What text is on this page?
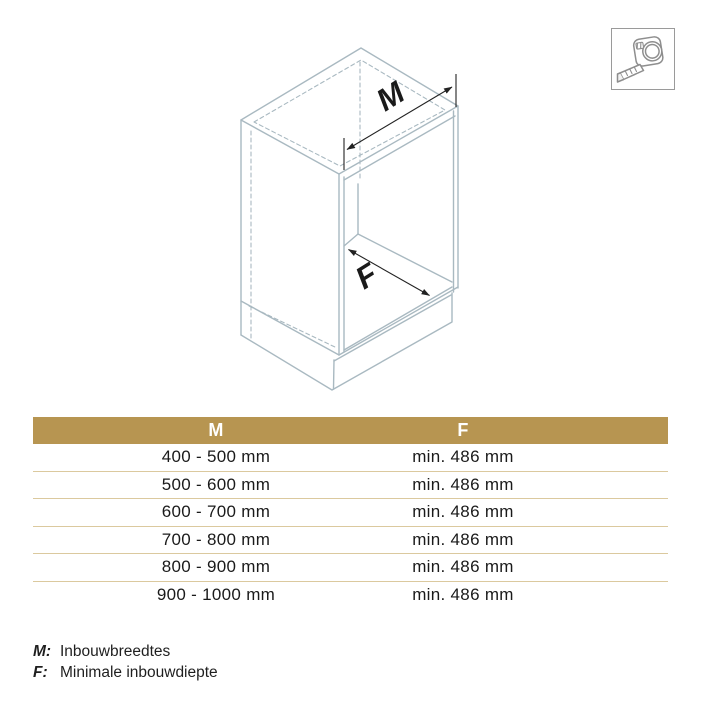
M
F
M	F
400 - 500 mm	min. 486 mm
500 - 600 mm	min. 486 mm
600 - 700 mm	min. 486 mm
700 - 800 mm	min. 486 mm
800 - 900 mm	min. 486 mm
900 - 1000 mm	min. 486 mm
M: Inbouwbreedtes
F: Minimale inbouwdiepte
